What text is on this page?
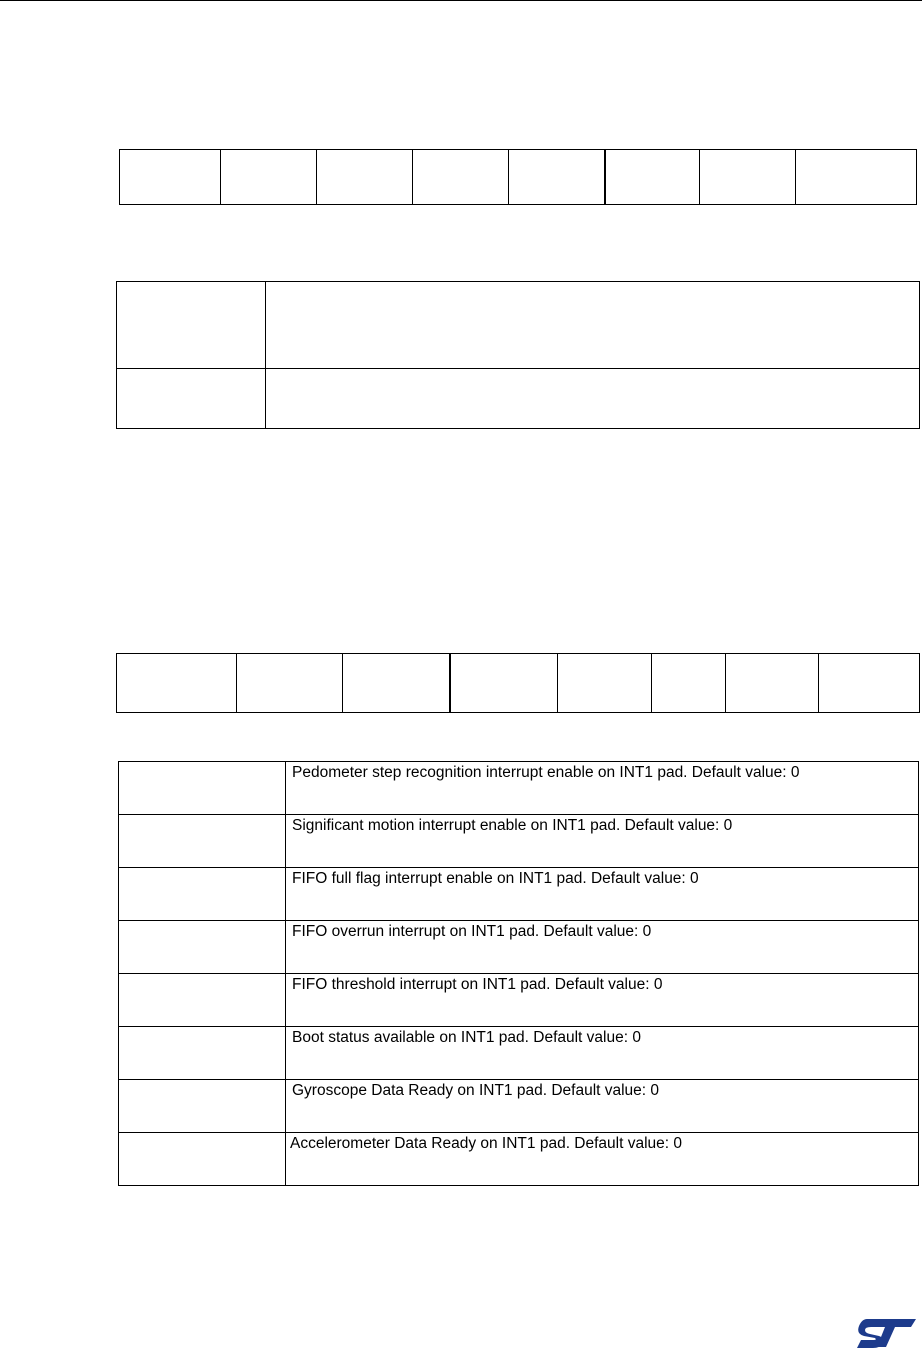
	Pedometer step recognition interrupt enable on INT1 pad. Default value: 0
	Significant motion interrupt enable on INT1 pad. Default value: 0
	FIFO full flag interrupt enable on INT1 pad. Default value: 0
	FIFO overrun interrupt on INT1 pad. Default value: 0
	FIFO threshold interrupt on INT1 pad. Default value: 0
	Boot status available on INT1 pad. Default value: 0
	Gyroscope Data Ready on INT1 pad. Default value: 0
	Accelerometer Data Ready on INT1 pad. Default value: 0
